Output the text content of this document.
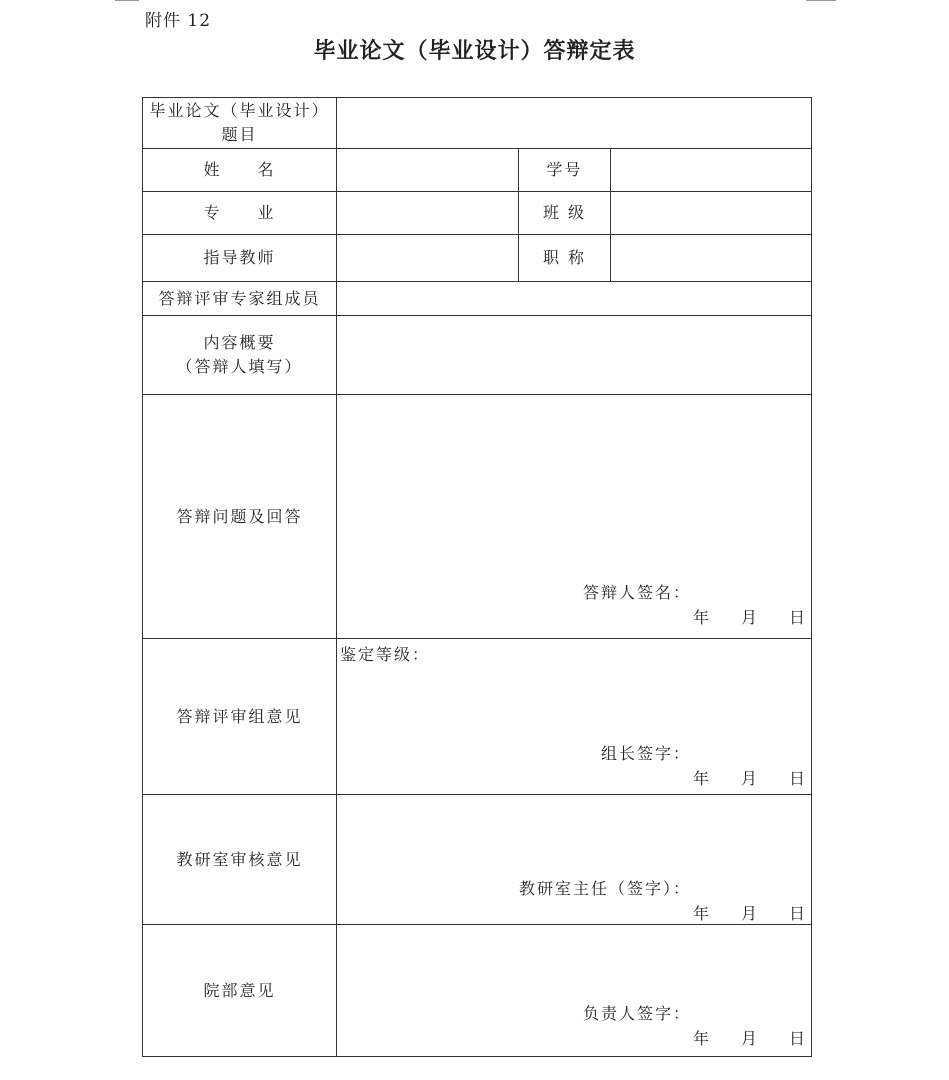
附件 12
毕业论文（毕业设计）答辩定表
毕业论文（毕业设计）
题目			

姓　　名		学号	
专　　业		班 级	
指导教师		职 称	
答辩评审专家组成员			

内容概要
（答辩人填写）			

答辩问题及回答	答辩人签名：
年 月 日		

答辩评审组意见	鉴定等级：
组长签字：
年 月 日		

教研室审核意见	教研室主任（签字）：
年 月 日		

院部意见	负责人签字：
年 月 日		
